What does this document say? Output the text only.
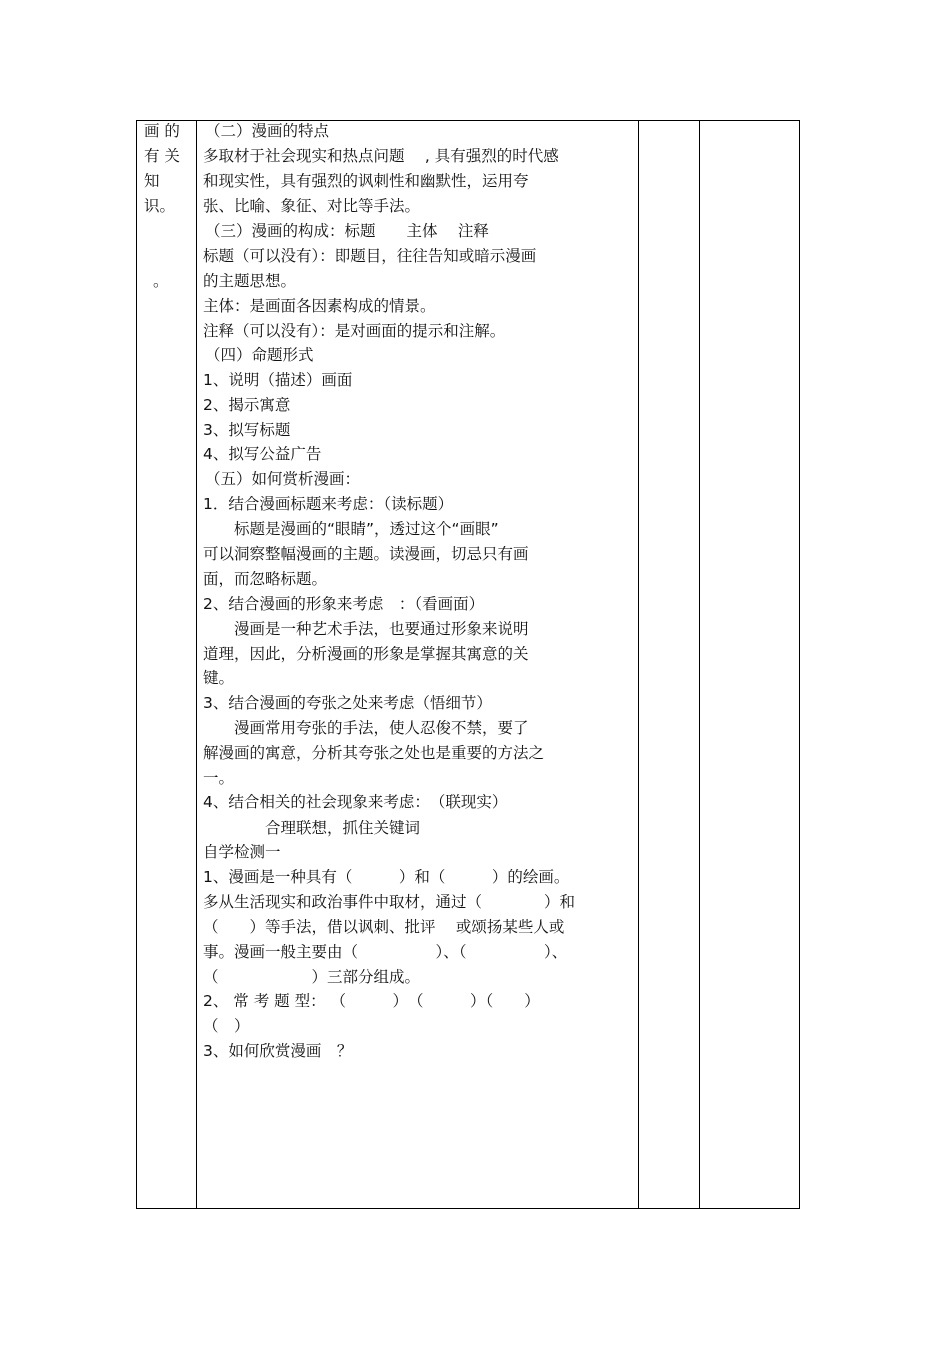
画 的
有 关
知
识。
。
（二）漫画的特点
多取材于社会现实和热点问题　 , 具有强烈的时代感
和现实性，具有强烈的讽刺性和幽默性，运用夸
张、比喻、象征、对比等手法。
（三）漫画的构成：标题　　主体　 注释
标题（可以没有）：即题目，往往告知或暗示漫画
的主题思想。
主体：是画面各因素构成的情景。
注释（可以没有）：是对画面的提示和注解。
（四）命题形式
1、说明（描述）画面
2、揭示寓意
3、拟写标题
4、拟写公益广告
（五）如何赏析漫画：
1．结合漫画标题来考虑：（读标题）
　　标题是漫画的“眼睛”，透过这个“画眼”
可以洞察整幅漫画的主题。读漫画，切忌只有画
面，而忽略标题。
2、结合漫画的形象来考虑　：（看画面）
　　漫画是一种艺术手法，也要通过形象来说明
道理，因此，分析漫画的形象是掌握其寓意的关
键。
3、结合漫画的夸张之处来考虑（悟细节）
　　漫画常用夸张的手法，使人忍俊不禁，要了
解漫画的寓意，分析其夸张之处也是重要的方法之
一。
4、结合相关的社会现象来考虑：　（联现实）
　　　　合理联想，抓住关键词
自学检测一
1、漫画是一种具有（　　　）和（　　　）的绘画。
多从生活现实和政治事件中取材，通过（　　　　）和
（　　）等手法，借以讽刺、批评　 或颂扬某些人或
事。漫画一般主要由（　　　　　）、（　　　　　）、
（　　　　　　）三部分组成。
2、 常 考 题 型： （　　　）　（　　　）（　　）
（　）
3、如何欣赏漫画　？
